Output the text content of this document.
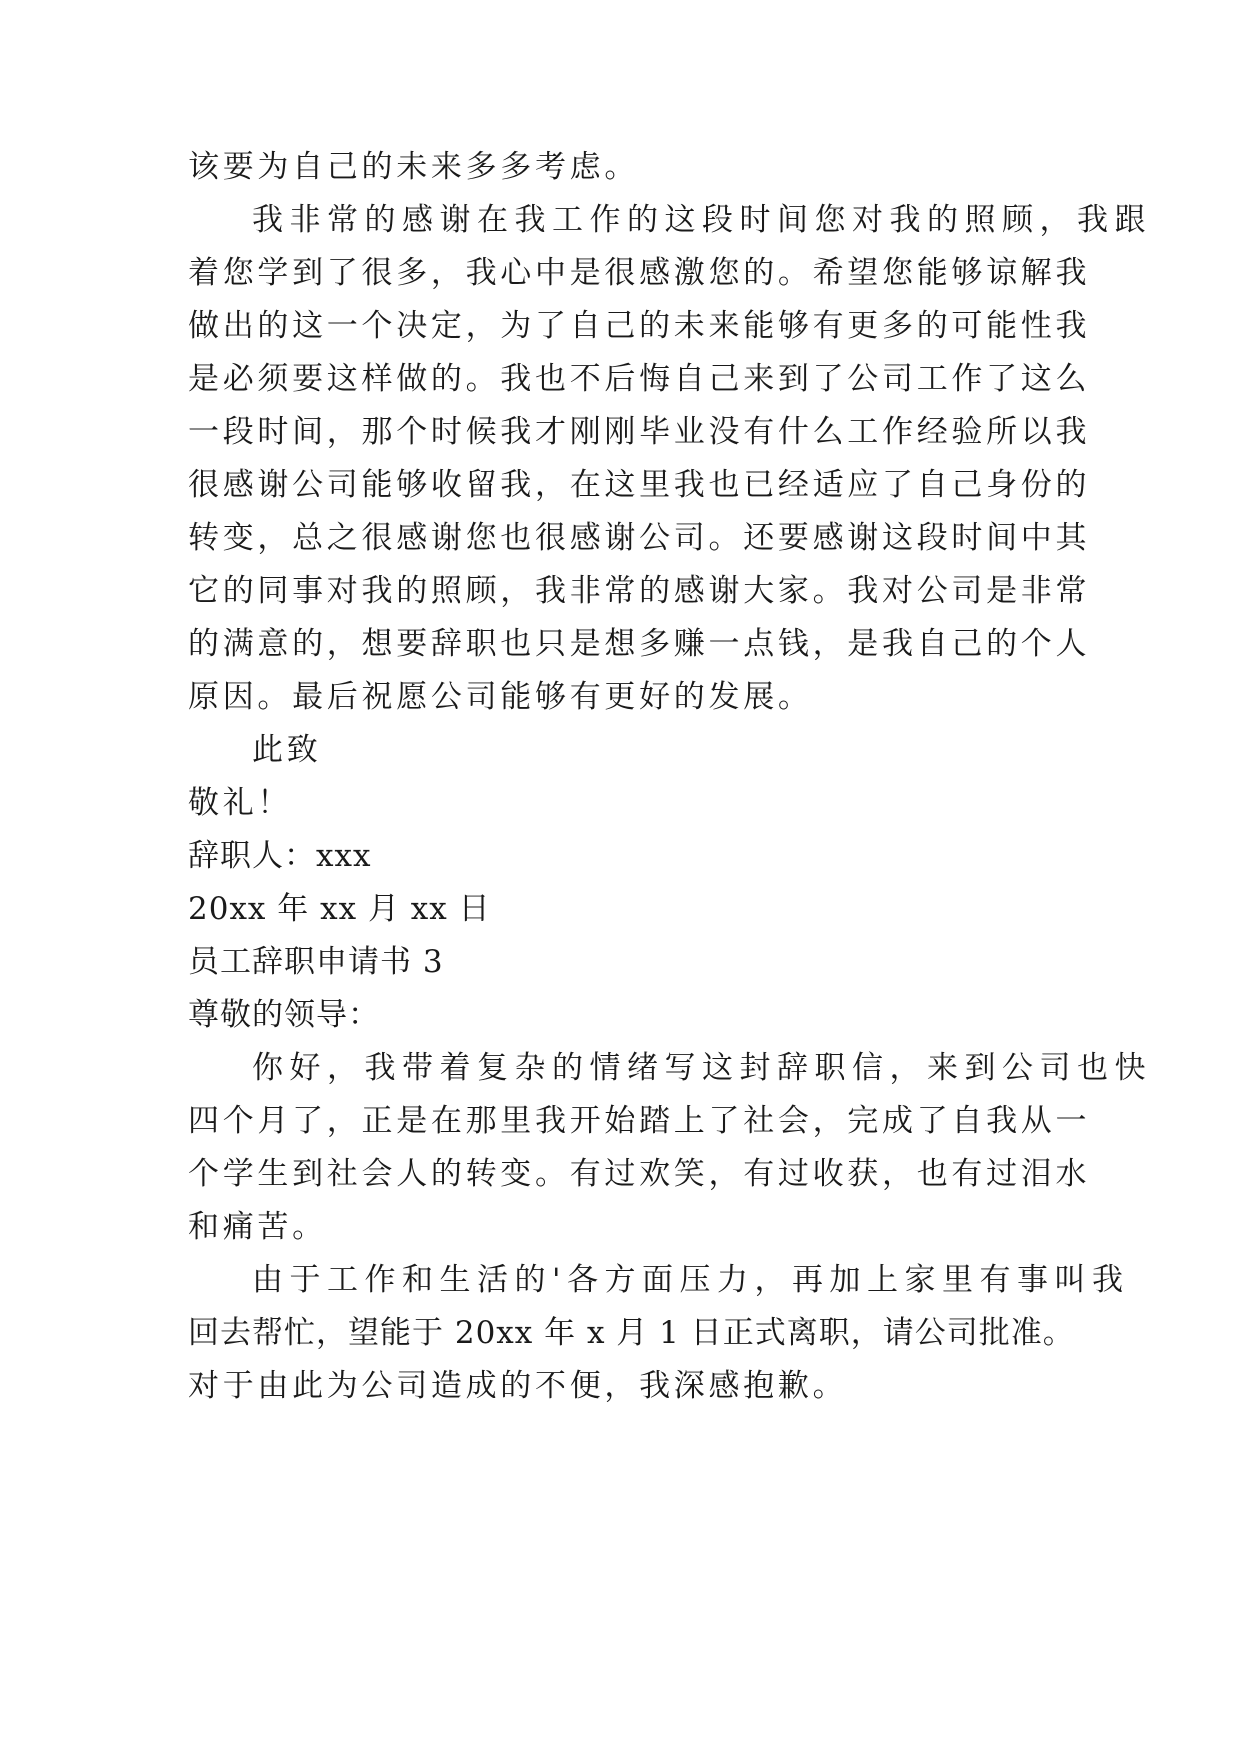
该要为自己的未来多多考虑。
我非常的感谢在我工作的这段时间您对我的照顾，我跟
着您学到了很多，我心中是很感激您的。希望您能够谅解我
做出的这一个决定，为了自己的未来能够有更多的可能性我
是必须要这样做的。我也不后悔自己来到了公司工作了这么
一段时间，那个时候我才刚刚毕业没有什么工作经验所以我
很感谢公司能够收留我，在这里我也已经适应了自己身份的
转变，总之很感谢您也很感谢公司。还要感谢这段时间中其
它的同事对我的照顾，我非常的感谢大家。我对公司是非常
的满意的，想要辞职也只是想多赚一点钱，是我自己的个人
原因。最后祝愿公司能够有更好的发展。
此致
敬礼！
辞职人：xxx
20xx 年 xx 月 xx 日
员工辞职申请书 3
尊敬的领导：
你好，我带着复杂的情绪写这封辞职信，来到公司也快
四个月了，正是在那里我开始踏上了社会，完成了自我从一
个学生到社会人的转变。有过欢笑，有过收获，也有过泪水
和痛苦。
由于工作和生活的'各方面压力，再加上家里有事叫我
回去帮忙，望能于 20xx 年 x 月 1 日正式离职，请公司批准。
对于由此为公司造成的不便，我深感抱歉。
